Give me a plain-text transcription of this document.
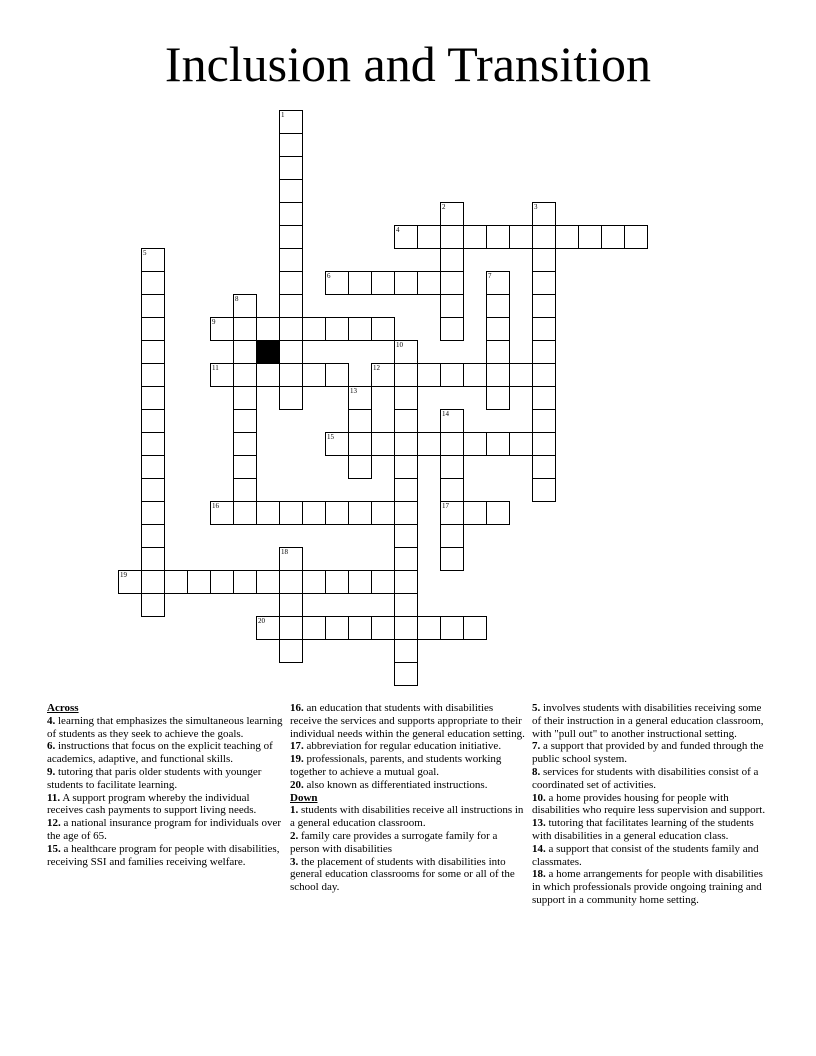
Inclusion and Transition
1
2	3
4
5
6	7
8
9
10
11	12
13
14
17
15
16
18
19
20
Across
4. learning that emphasizes the simultaneous learning of students as they seek to achieve the goals.
6. instructions that focus on the explicit teaching of academics, adaptive, and functional skills.
9. tutoring that paris older students with younger students to facilitate learning.
11. A support program whereby the individual receives cash payments to support living needs.
12. a national insurance program for individuals over the age of 65.
15. a healthcare program for people with disabilities, receiving SSI and families receiving welfare.
16. an education that students with disabilities receive the services and supports appropriate to their individual needs within the general education setting.
17. abbreviation for regular education initiative.
19. professionals, parents, and students working together to achieve a mutual goal.
20. also known as differentiated instructions.
Down
1. students with disabilities receive all instructions in a general education classroom.
2. family care provides a surrogate family for a person with disabilities
3. the placement of students with disabilities into general education classrooms for some or all of the school day.
5. involves students with disabilities receiving some of their instruction in a general education classroom, with "pull out" to another instructional setting.
7. a support that provided by and funded through the public school system.
8. services for students with disabilities consist of a coordinated set of activities.
10. a home provides housing for people with disabilities who require less supervision and support.
13. tutoring that facilitates learning of the students with disabilities in a general education class.
14. a support that consist of the students family and classmates.
18. a home arrangements for people with disabilities in which professionals provide ongoing training and support in a community home setting.
